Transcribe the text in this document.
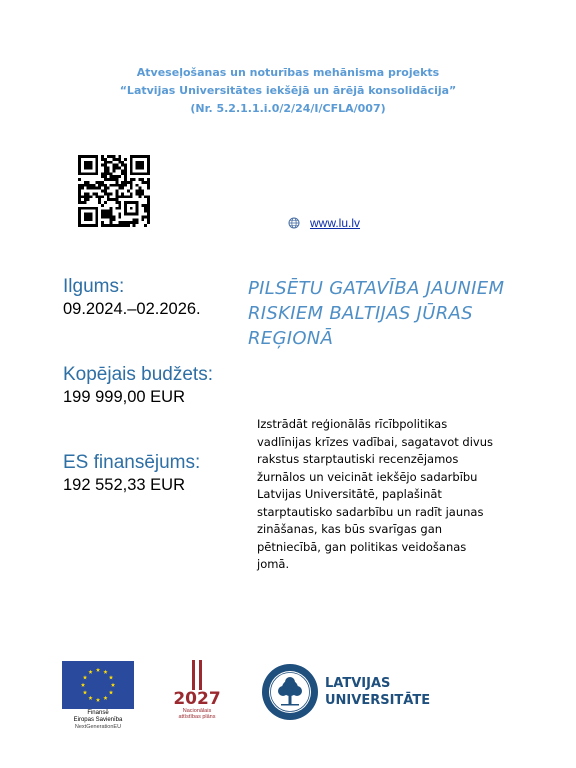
Atveseļošanas un noturības mehānisma projekts
“Latvijas Universitātes iekšējā un ārējā konsolidācija”
(Nr. 5.2.1.1.i.0/2/24/I/CFLA/007)
www.lu.lv
Ilgums:
09.2024.–02.2026.
Kopējais budžets:
199 999,00 EUR
ES finansējums:
192 552,33 EUR
PILSĒTU GATAVĪBA JAUNIEM
RISKIEM BALTIJAS JŪRAS
REĢIONĀ
Izstrādāt reģionālās rīcībpolitikas
vadlīnijas krīzes vadībai, sagatavot divus
rakstus starptautiski recenzējamos
žurnālos un veicināt iekšējo sadarbību
Latvijas Universitātē, paplašināt
starptautisko sadarbību un radīt jaunas
zināšanas, kas būs svarīgas gan
pētniecībā, gan politikas veidošanas
jomā.
Finansē
Eiropas Savienība
NextGenerationEU
2027
Nacionālais
attīstības plāns
LATVIJAS
UNIVERSITĀTE
